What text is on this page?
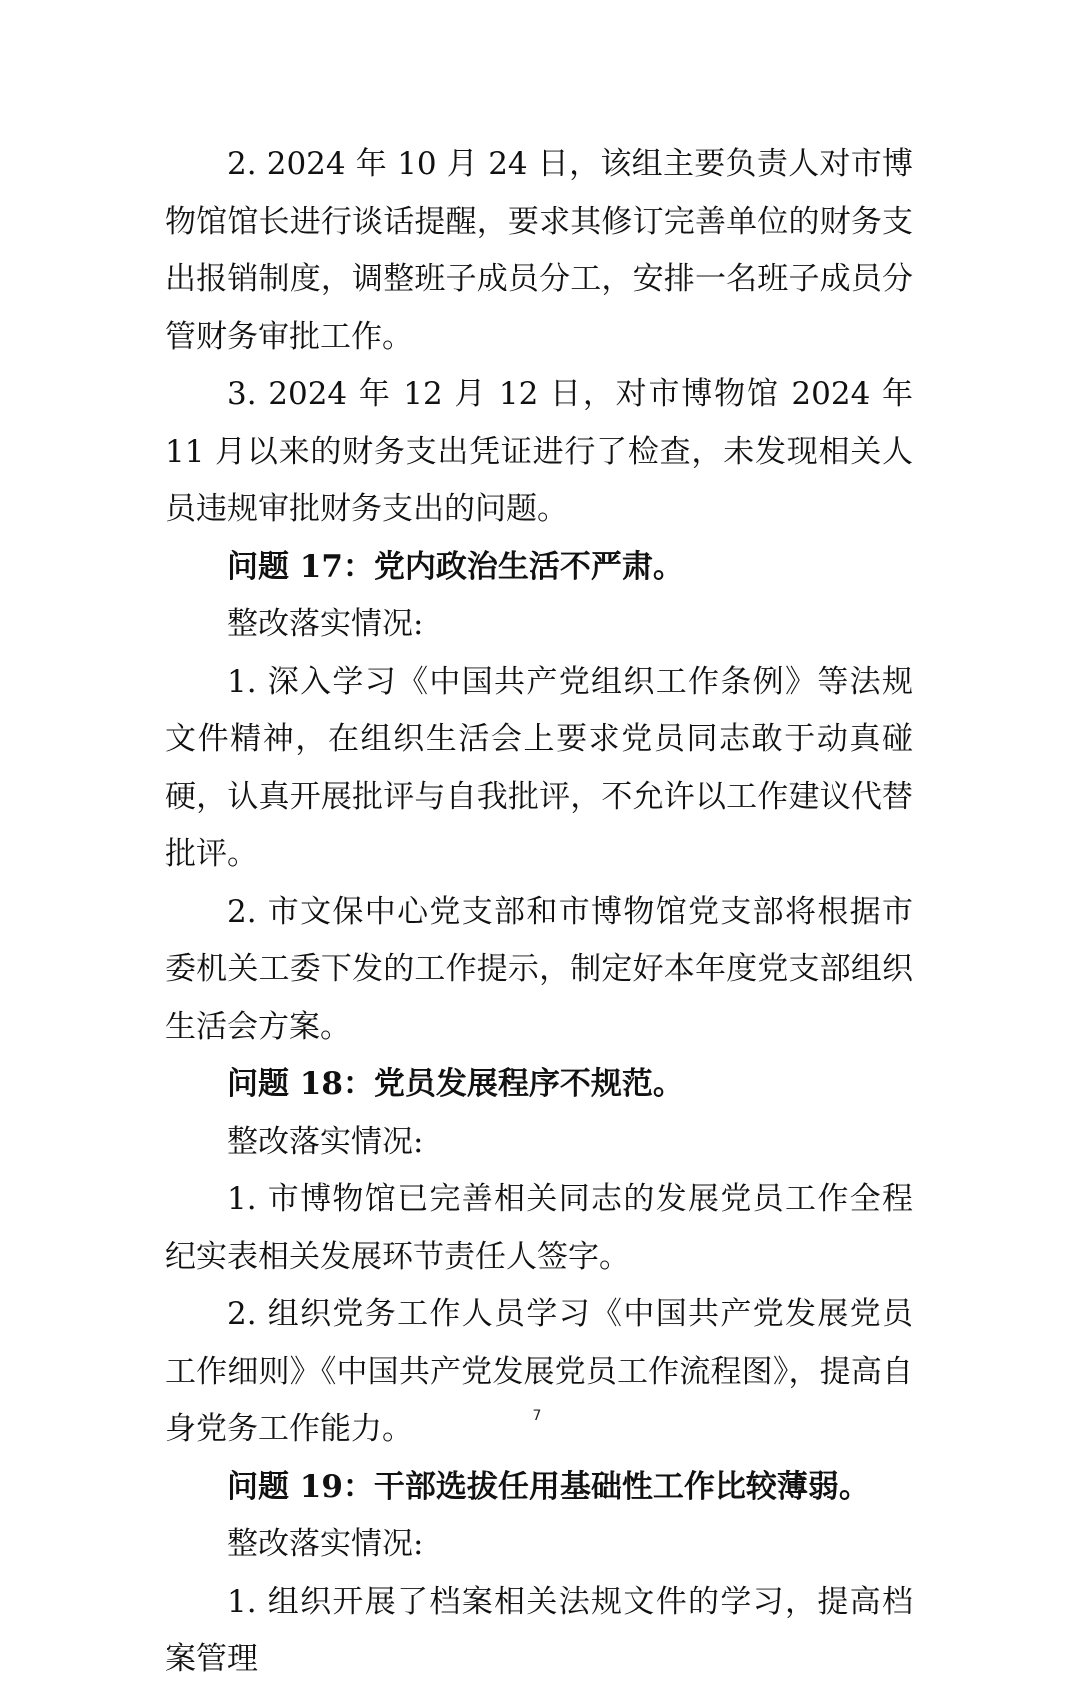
2. 2024 年 10 月 24 日，该组主要负责人对市博物馆馆长进行谈话提醒，要求其修订完善单位的财务支出报销制度，调整班子成员分工，安排一名班子成员分管财务审批工作。

3. 2024 年 12 月 12 日，对市博物馆 2024 年 11 月以来的财务支出凭证进行了检查，未发现相关人员违规审批财务支出的问题。

问题 17：党内政治生活不严肃。

整改落实情况:

1. 深入学习《中国共产党组织工作条例》等法规文件精神，在组织生活会上要求党员同志敢于动真碰硬，认真开展批评与自我批评，不允许以工作建议代替批评。

2. 市文保中心党支部和市博物馆党支部将根据市委机关工委下发的工作提示，制定好本年度党支部组织生活会方案。

问题 18：党员发展程序不规范。

整改落实情况:

1. 市博物馆已完善相关同志的发展党员工作全程纪实表相关发展环节责任人签字。

2. 组织党务工作人员学习《中国共产党发展党员工作细则》《中国共产党发展党员工作流程图》，提高自身党务工作能力。

问题 19：干部选拔任用基础性工作比较薄弱。

整改落实情况:

1. 组织开展了档案相关法规文件的学习，提高档案管理

7
